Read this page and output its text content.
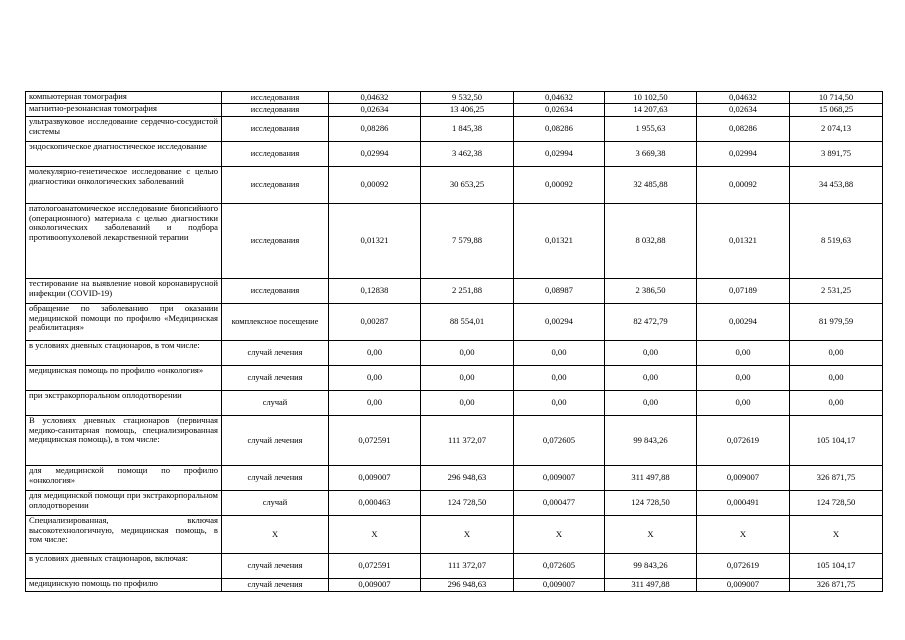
компьютерная томография	исследования	0,04632	9 532,50	0,04632	10 102,50	0,04632	10 714,50
магнитно-резонансная томография	исследования	0,02634	13 406,25	0,02634	14 207,63	0,02634	15 068,25
ультразвуковое исследование сердечно-сосудистой системы	исследования	0,08286	1 845,38	0,08286	1 955,63	0,08286	2 074,13
эндоскопическое диагностическое исследование	исследования	0,02994	3 462,38	0,02994	3 669,38	0,02994	3 891,75
молекулярно-генетическое исследование с целью диагностики онкологических заболеваний	исследования	0,00092	30 653,25	0,00092	32 485,88	0,00092	34 453,88
патологоанатомическое исследование биопсийного (операционного) материала с целью диагностики онкологических заболеваний и подбора противоопухолевой лекарственной терапии	исследования	0,01321	7 579,88	0,01321	8 032,88	0,01321	8 519,63
тестирование на выявление новой коронавирусной инфекции (COVID-19)	исследования	0,12838	2 251,88	0,08987	2 386,50	0,07189	2 531,25
обращение по заболеванию при оказании медицинской помощи по профилю «Медицинская реабилитация»	комплексное посещение	0,00287	88 554,01	0,00294	82 472,79	0,00294	81 979,59
в условиях дневных стационаров, в том числе:	случай лечения	0,00	0,00	0,00	0,00	0,00	0,00
медицинская помощь по профилю «онкология»	случай лечения	0,00	0,00	0,00	0,00	0,00	0,00
при экстракорпоральном оплодотворении	случай	0,00	0,00	0,00	0,00	0,00	0,00
В условиях дневных стационаров (первичная медико-санитарная помощь, специализированная медицинская помощь), в том числе:	случай лечения	0,072591	111 372,07	0,072605	99 843,26	0,072619	105 104,17
для медицинской помощи по профилю «онкология»	случай лечения	0,009007	296 948,63	0,009007	311 497,88	0,009007	326 871,75
для медицинской помощи при экстракорпоральном оплодотворении	случай	0,000463	124 728,50	0,000477	124 728,50	0,000491	124 728,50
Специализированная, включая высокотехнологичную, медицинская помощь, в том числе:	X	X	X	X	X	X	X
в условиях дневных стационаров, включая:	случай лечения	0,072591	111 372,07	0,072605	99 843,26	0,072619	105 104,17
медицинскую помощь по профилю	случай лечения	0,009007	296 948,63	0,009007	311 497,88	0,009007	326 871,75
